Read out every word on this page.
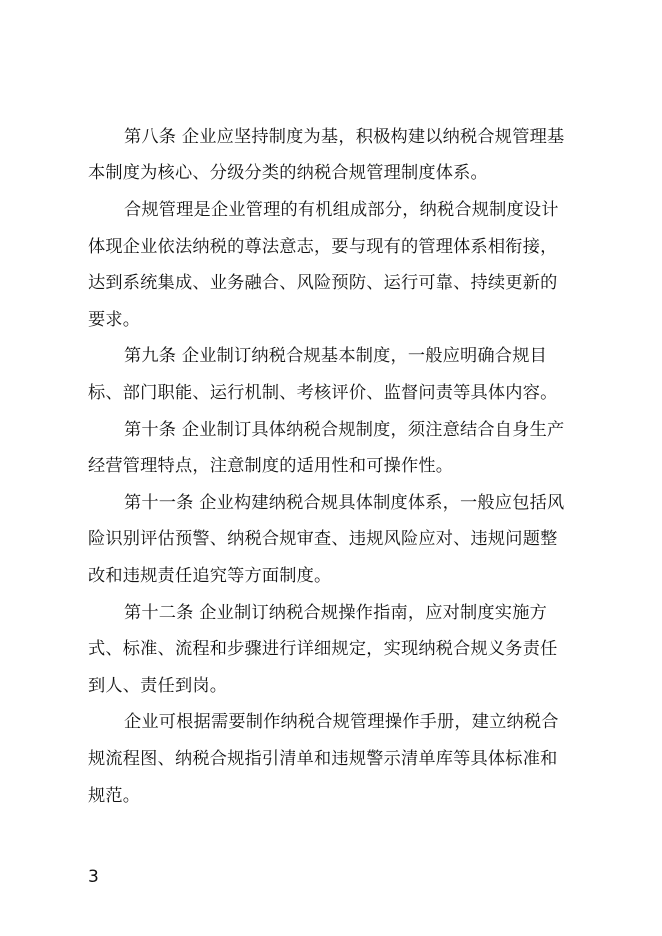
第八条 企业应坚持制度为基，积极构建以纳税合规管理基
本制度为核心、分级分类的纳税合规管理制度体系。
合规管理是企业管理的有机组成部分，纳税合规制度设计
体现企业依法纳税的尊法意志，要与现有的管理体系相衔接，
达到系统集成、业务融合、风险预防、运行可靠、持续更新的
要求。
第九条 企业制订纳税合规基本制度，一般应明确合规目
标、部门职能、运行机制、考核评价、监督问责等具体内容。
第十条 企业制订具体纳税合规制度，须注意结合自身生产
经营管理特点，注意制度的适用性和可操作性。
第十一条 企业构建纳税合规具体制度体系，一般应包括风
险识别评估预警、纳税合规审查、违规风险应对、违规问题整
改和违规责任追究等方面制度。
第十二条 企业制订纳税合规操作指南，应对制度实施方
式、标准、流程和步骤进行详细规定，实现纳税合规义务责任
到人、责任到岗。
企业可根据需要制作纳税合规管理操作手册，建立纳税合
规流程图、纳税合规指引清单和违规警示清单库等具体标准和
规范。
3
